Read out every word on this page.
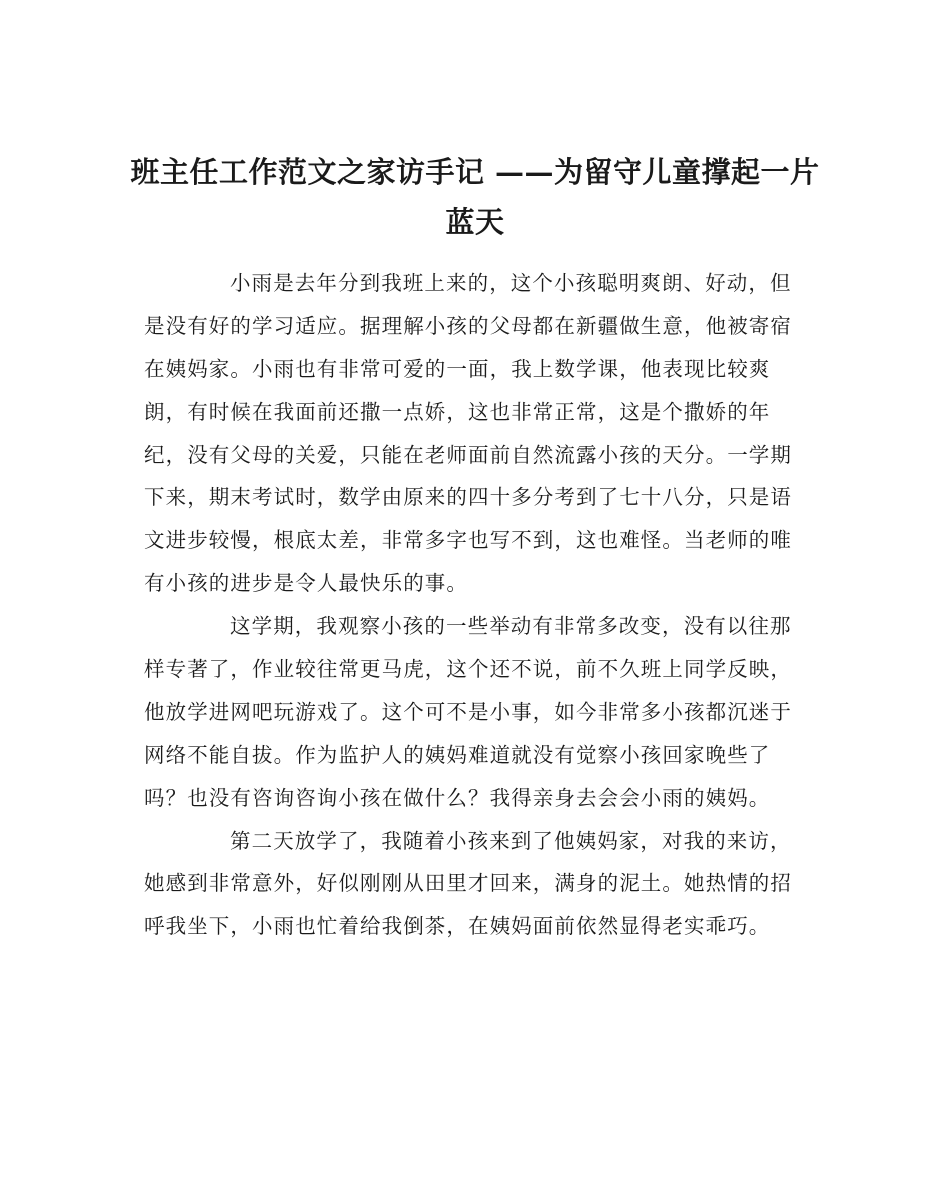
班主任工作范文之家访手记 ——为留守儿童撑起一片
蓝天
小雨是去年分到我班上来的，这个小孩聪明爽朗、好动，但
是没有好的学习适应。据理解小孩的父母都在新疆做生意，他被寄宿
在姨妈家。小雨也有非常可爱的一面，我上数学课，他表现比较爽
朗，有时候在我面前还撒一点娇，这也非常正常，这是个撒娇的年
纪，没有父母的关爱，只能在老师面前自然流露小孩的天分。一学期
下来，期末考试时，数学由原来的四十多分考到了七十八分，只是语
文进步较慢，根底太差，非常多字也写不到，这也难怪。当老师的唯
有小孩的进步是令人最快乐的事。
这学期，我观察小孩的一些举动有非常多改变，没有以往那
样专著了，作业较往常更马虎，这个还不说，前不久班上同学反映，
他放学进网吧玩游戏了。这个可不是小事，如今非常多小孩都沉迷于
网络不能自拔。作为监护人的姨妈难道就没有觉察小孩回家晚些了
吗？也没有咨询咨询小孩在做什么？我得亲身去会会小雨的姨妈。
第二天放学了，我随着小孩来到了他姨妈家，对我的来访，
她感到非常意外，好似刚刚从田里才回来，满身的泥土。她热情的招
呼我坐下，小雨也忙着给我倒茶，在姨妈面前依然显得老实乖巧。
